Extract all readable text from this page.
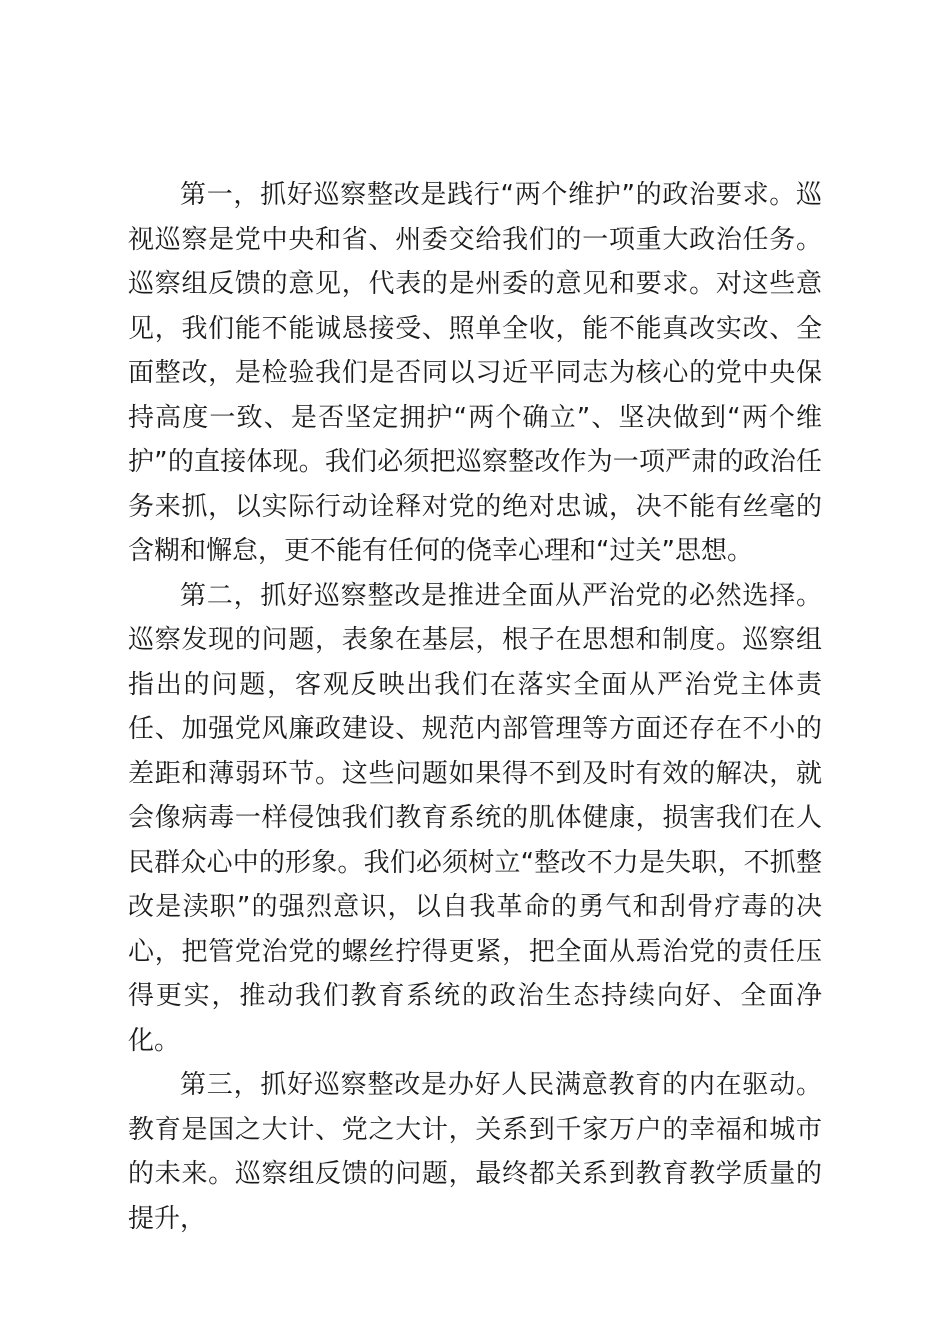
第一，抓好巡察整改是践行“两个维护”的政治要求。巡视巡察是党中央和省、州委交给我们的一项重大政治任务。巡察组反馈的意见，代表的是州委的意见和要求。对这些意见，我们能不能诚恳接受、照单全收，能不能真改实改、全面整改，是检验我们是否同以习近平同志为核心的党中央保持高度一致、是否坚定拥护“两个确立”、坚决做到“两个维护”的直接体现。我们必须把巡察整改作为一项严肃的政治任务来抓，以实际行动诠释对党的绝对忠诚，决不能有丝毫的含糊和懈怠，更不能有任何的侥幸心理和“过关”思想。

第二，抓好巡察整改是推进全面从严治党的必然选择。巡察发现的问题，表象在基层，根子在思想和制度。巡察组指出的问题，客观反映出我们在落实全面从严治党主体责任、加强党风廉政建设、规范内部管理等方面还存在不小的差距和薄弱环节。这些问题如果得不到及时有效的解决，就会像病毒一样侵蚀我们教育系统的肌体健康，损害我们在人民群众心中的形象。我们必须树立“整改不力是失职，不抓整改是渎职”的强烈意识，以自我革命的勇气和刮骨疗毒的决心，把管党治党的螺丝拧得更紧，把全面从焉治党的责任压得更实，推动我们教育系统的政治生态持续向好、全面净化。

第三，抓好巡察整改是办好人民满意教育的内在驱动。教育是国之大计、党之大计，关系到千家万户的幸福和城市的未来。巡察组反馈的问题，最终都关系到教育教学质量的提升，
